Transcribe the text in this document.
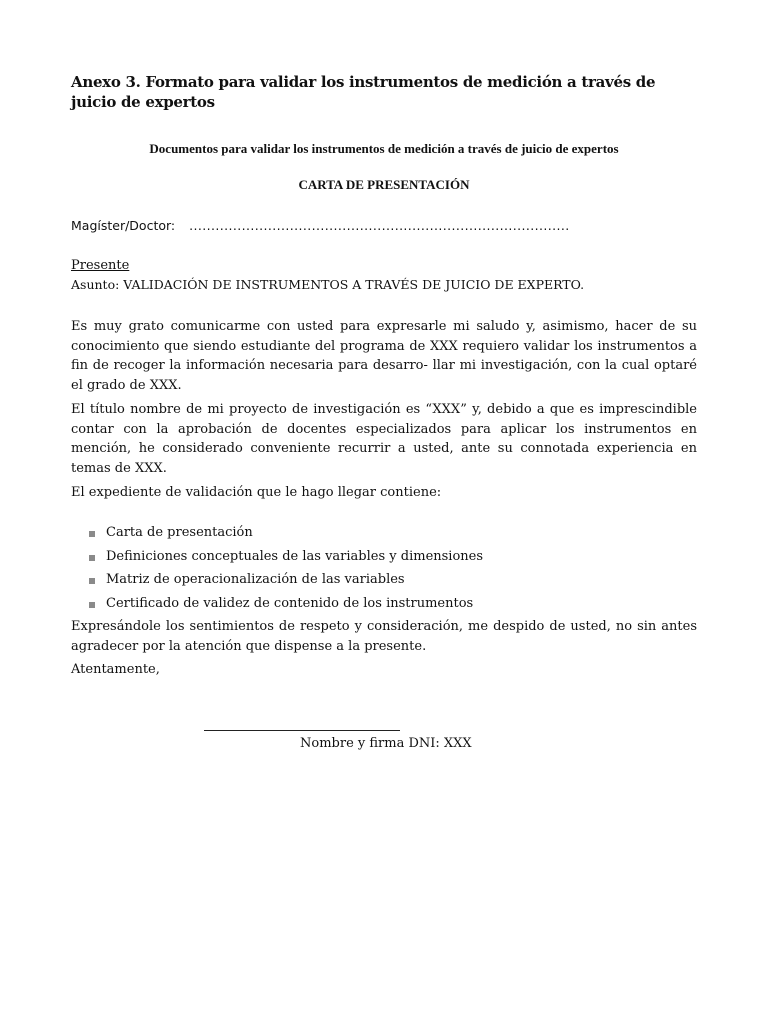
Anexo 3. Formato para validar los instrumentos de medición a través de juicio de expertos
Documentos para validar los instrumentos de medición a través de juicio de expertos
CARTA DE PRESENTACIÓN
Magíster/Doctor: .......................................................................................
Presente
Asunto: VALIDACIÓN DE INSTRUMENTOS A TRAVÉS DE JUICIO DE EXPERTO.

Es muy grato comunicarme con usted para expresarle mi saludo y, asimismo, hacer de su conocimiento que siendo estudiante del programa de XXX requiero validar los instrumentos a fin de recoger la información necesaria para desarro- llar mi investigación, con la cual optaré el grado de XXX.

El título nombre de mi proyecto de investigación es “XXX” y, debido a que es imprescindible contar con la aprobación de docentes especializados para aplicar los instrumentos en mención, he considerado conveniente recurrir a usted, ante su connotada experiencia en temas de XXX.

El expediente de validación que le hago llegar contiene:

Carta de presentación
Definiciones conceptuales de las variables y dimensiones
Matriz de operacionalización de las variables
Certificado de validez de contenido de los instrumentos

Expresándole los sentimientos de respeto y consideración, me despido de usted, no sin antes agradecer por la atención que dispense a la presente.

Atentamente,
Nombre y firma DNI: XXX
